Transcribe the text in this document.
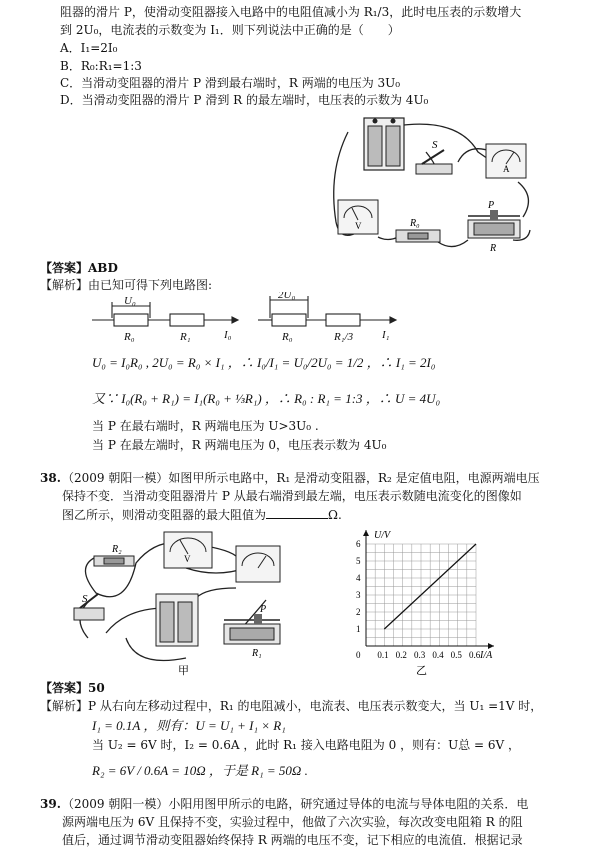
阻器的滑片 P，使滑动变阻器接入电路中的电阻值减小为 R₁/3，此时电压表的示数增大
到 2U₀，电流表的示数变为 I₁．则下列说法中正确的是（　　）
A．I₁=2I₀
B．R₀:R₁=1:3
C．当滑动变阻器的滑片 P 滑到最右端时，R 两端的电压为 3U₀
D．当滑动变阻器的滑片 P 滑到 R 的最左端时，电压表的示数为 4U₀
S
A
V	R₀
P
R
【答案】ABD
【解析】由已知可得下列电路图:
U₀
R₀	R₁	I₀
2U₀
R₀	R₁/3	I₁
U₀ = I₀R₀ , 2U₀ = R₀ × I₁ ，∴ I₀/I₁ = U₀/2U₀ = 1/2 ，∴ I₁ = 2I₀
又∵ I₀(R₀ + R₁) = I₁(R₀ + ⅓R₁) ，∴ R₀ : R₁ = 1:3 ，∴ U = 4U₀
当 P 在最右端时，R 两端电压为 U>3U₀ .
当 P 在最左端时，R 两端电压为 0，电压表示数为 4U₀
38. （2009 朝阳一模）如图甲所示电路中，R₁ 是滑动变阻器，R₂ 是定值电阻，电源两端电压
保持不变．当滑动变阻器滑片 P 从最右端滑到最左端，电压表示数随电流变化的图像如
图乙所示，则滑动变阻器的最大阻值为	Ω.
R₂
V
S
P
R₁
甲
0.1 0.2 0.3 0.4 0.5 0.6
1
2
3
4
5
6
0
U/V
I/A
乙
【答案】50
【解析】P 从右向左移动过程中，R₁ 的电阻减小，电流表、电压表示数变大，当 U₁ =1V 时，
I₁ = 0.1A ，则有：U = U₁ + I₁ × R₁
当 U₂ = 6V 时，I₂ = 0.6A ，此时 R₁ 接入电路电阻为 0 ，则有：U总 = 6V ，
R₂ = 6V / 0.6A = 10Ω ，于是 R₁ = 50Ω .
39. （2009 朝阳一模）小阳用图甲所示的电路，研究通过导体的电流与导体电阻的关系．电
源两端电压为 6V 且保持不变，实验过程中，他做了六次实验，每次改变电阻箱 R 的阻
值后，通过调节滑动变阻器始终保持 R 两端的电压不变，记下相应的电流值．根据记录
